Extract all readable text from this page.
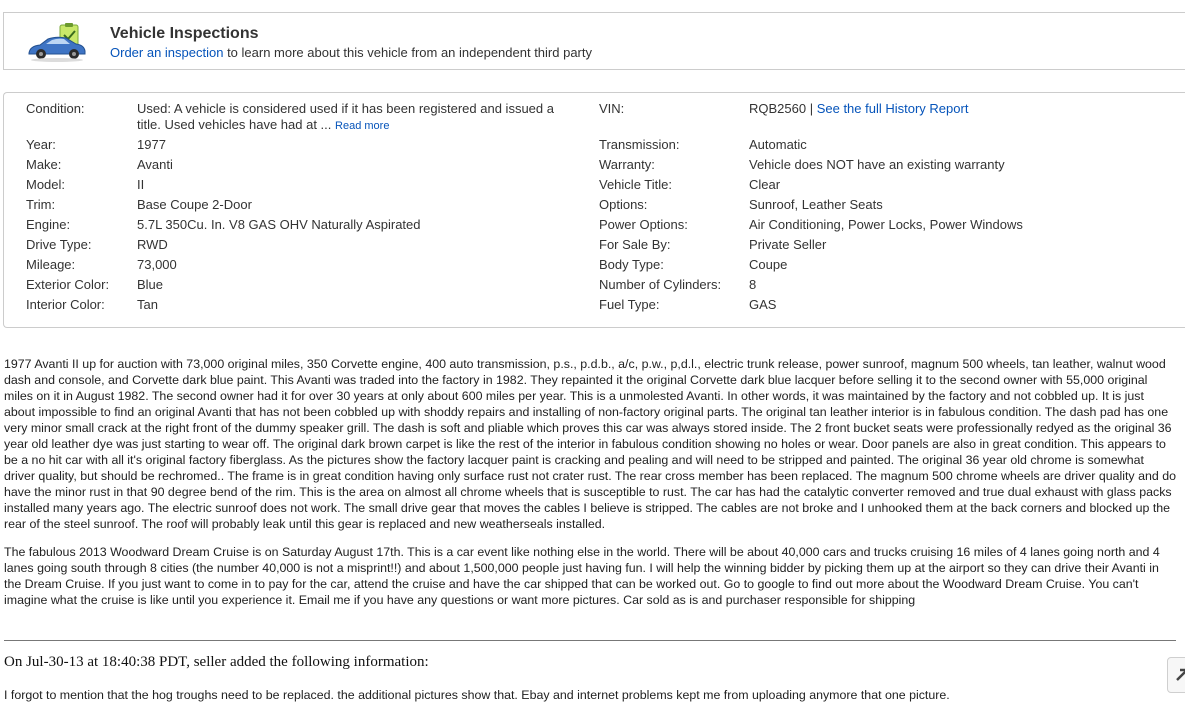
Vehicle Inspections
Order an inspection to learn more about this vehicle from an independent third party
Condition:	Used: A vehicle is considered used if it has been registered and issued a title. Used vehicles have had at ... Read more
Year:	1977
Make:	Avanti
Model:	II
Trim:	Base Coupe 2-Door
Engine:	5.7L 350Cu. In. V8 GAS OHV Naturally Aspirated
Drive Type:	RWD
Mileage:	73,000
Exterior Color: Blue
Interior Color: Tan
VIN:	RQB2560 | See the full History Report
Transmission:	Automatic
Warranty:	Vehicle does NOT have an existing warranty
Vehicle Title:	Clear
Options:	Sunroof, Leather Seats
Power Options:	Air Conditioning, Power Locks, Power Windows
For Sale By:	Private Seller
Body Type:	Coupe
Number of Cylinders: 8
Fuel Type:	GAS

1977 Avanti II up for auction with 73,000 original miles, 350 Corvette engine, 400 auto transmission, p.s., p.d.b., a/c, p.w., p,d.l., electric trunk release, power sunroof, magnum 500 wheels, tan leather, walnut wood dash and console, and Corvette dark blue paint. This Avanti was traded into the factory in 1982. They repainted it the original Corvette dark blue lacquer before selling it to the second owner with 55,000 original miles on it in August 1982. The second owner had it for over 30 years at only about 600 miles per year. This is a unmolested Avanti. In other words, it was maintained by the factory and not cobbled up. It is just about impossible to find an original Avanti that has not been cobbled up with shoddy repairs and installing of non-factory original parts. The original tan leather interior is in fabulous condition. The dash pad has one very minor small crack at the right front of the dummy speaker grill. The dash is soft and pliable which proves this car was always stored inside. The 2 front bucket seats were professionally redyed as the original 36 year old leather dye was just starting to wear off. The original dark brown carpet is like the rest of the interior in fabulous condition showing no holes or wear. Door panels are also in great condition. This appears to be a no hit car with all it's original factory fiberglass. As the pictures show the factory lacquer paint is cracking and pealing and will need to be stripped and painted. The original 36 year old chrome is somewhat driver quality, but should be rechromed.. The frame is in great condition having only surface rust not crater rust. The rear cross member has been replaced. The magnum 500 chrome wheels are driver quality and do have the minor rust in that 90 degree bend of the rim. This is the area on almost all chrome wheels that is susceptible to rust. The car has had the catalytic converter removed and true dual exhaust with glass packs installed many years ago. The electric sunroof does not work. The small drive gear that moves the cables I believe is stripped. The cables are not broke and I unhooked them at the back corners and blocked up the rear of the steel sunroof. The roof will probably leak until this gear is replaced and new weatherseals installed.

The fabulous 2013 Woodward Dream Cruise is on Saturday August 17th. This is a car event like nothing else in the world. There will be about 40,000 cars and trucks cruising 16 miles of 4 lanes going north and 4 lanes going south through 8 cities (the number 40,000 is not a misprint!!) and about 1,500,000 people just having fun. I will help the winning bidder by picking them up at the airport so they can drive their Avanti in the Dream Cruise. If you just want to come in to pay for the car, attend the cruise and have the car shipped that can be worked out. Go to google to find out more about the Woodward Dream Cruise. You can't imagine what the cruise is like until you experience it. Email me if you have any questions or want more pictures. Car sold as is and purchaser responsible for shipping

On Jul-30-13 at 18:40:38 PDT, seller added the following information:
I forgot to mention that the hog troughs need to be replaced. the additional pictures show that. Ebay and internet problems kept me from uploading anymore that one picture.
